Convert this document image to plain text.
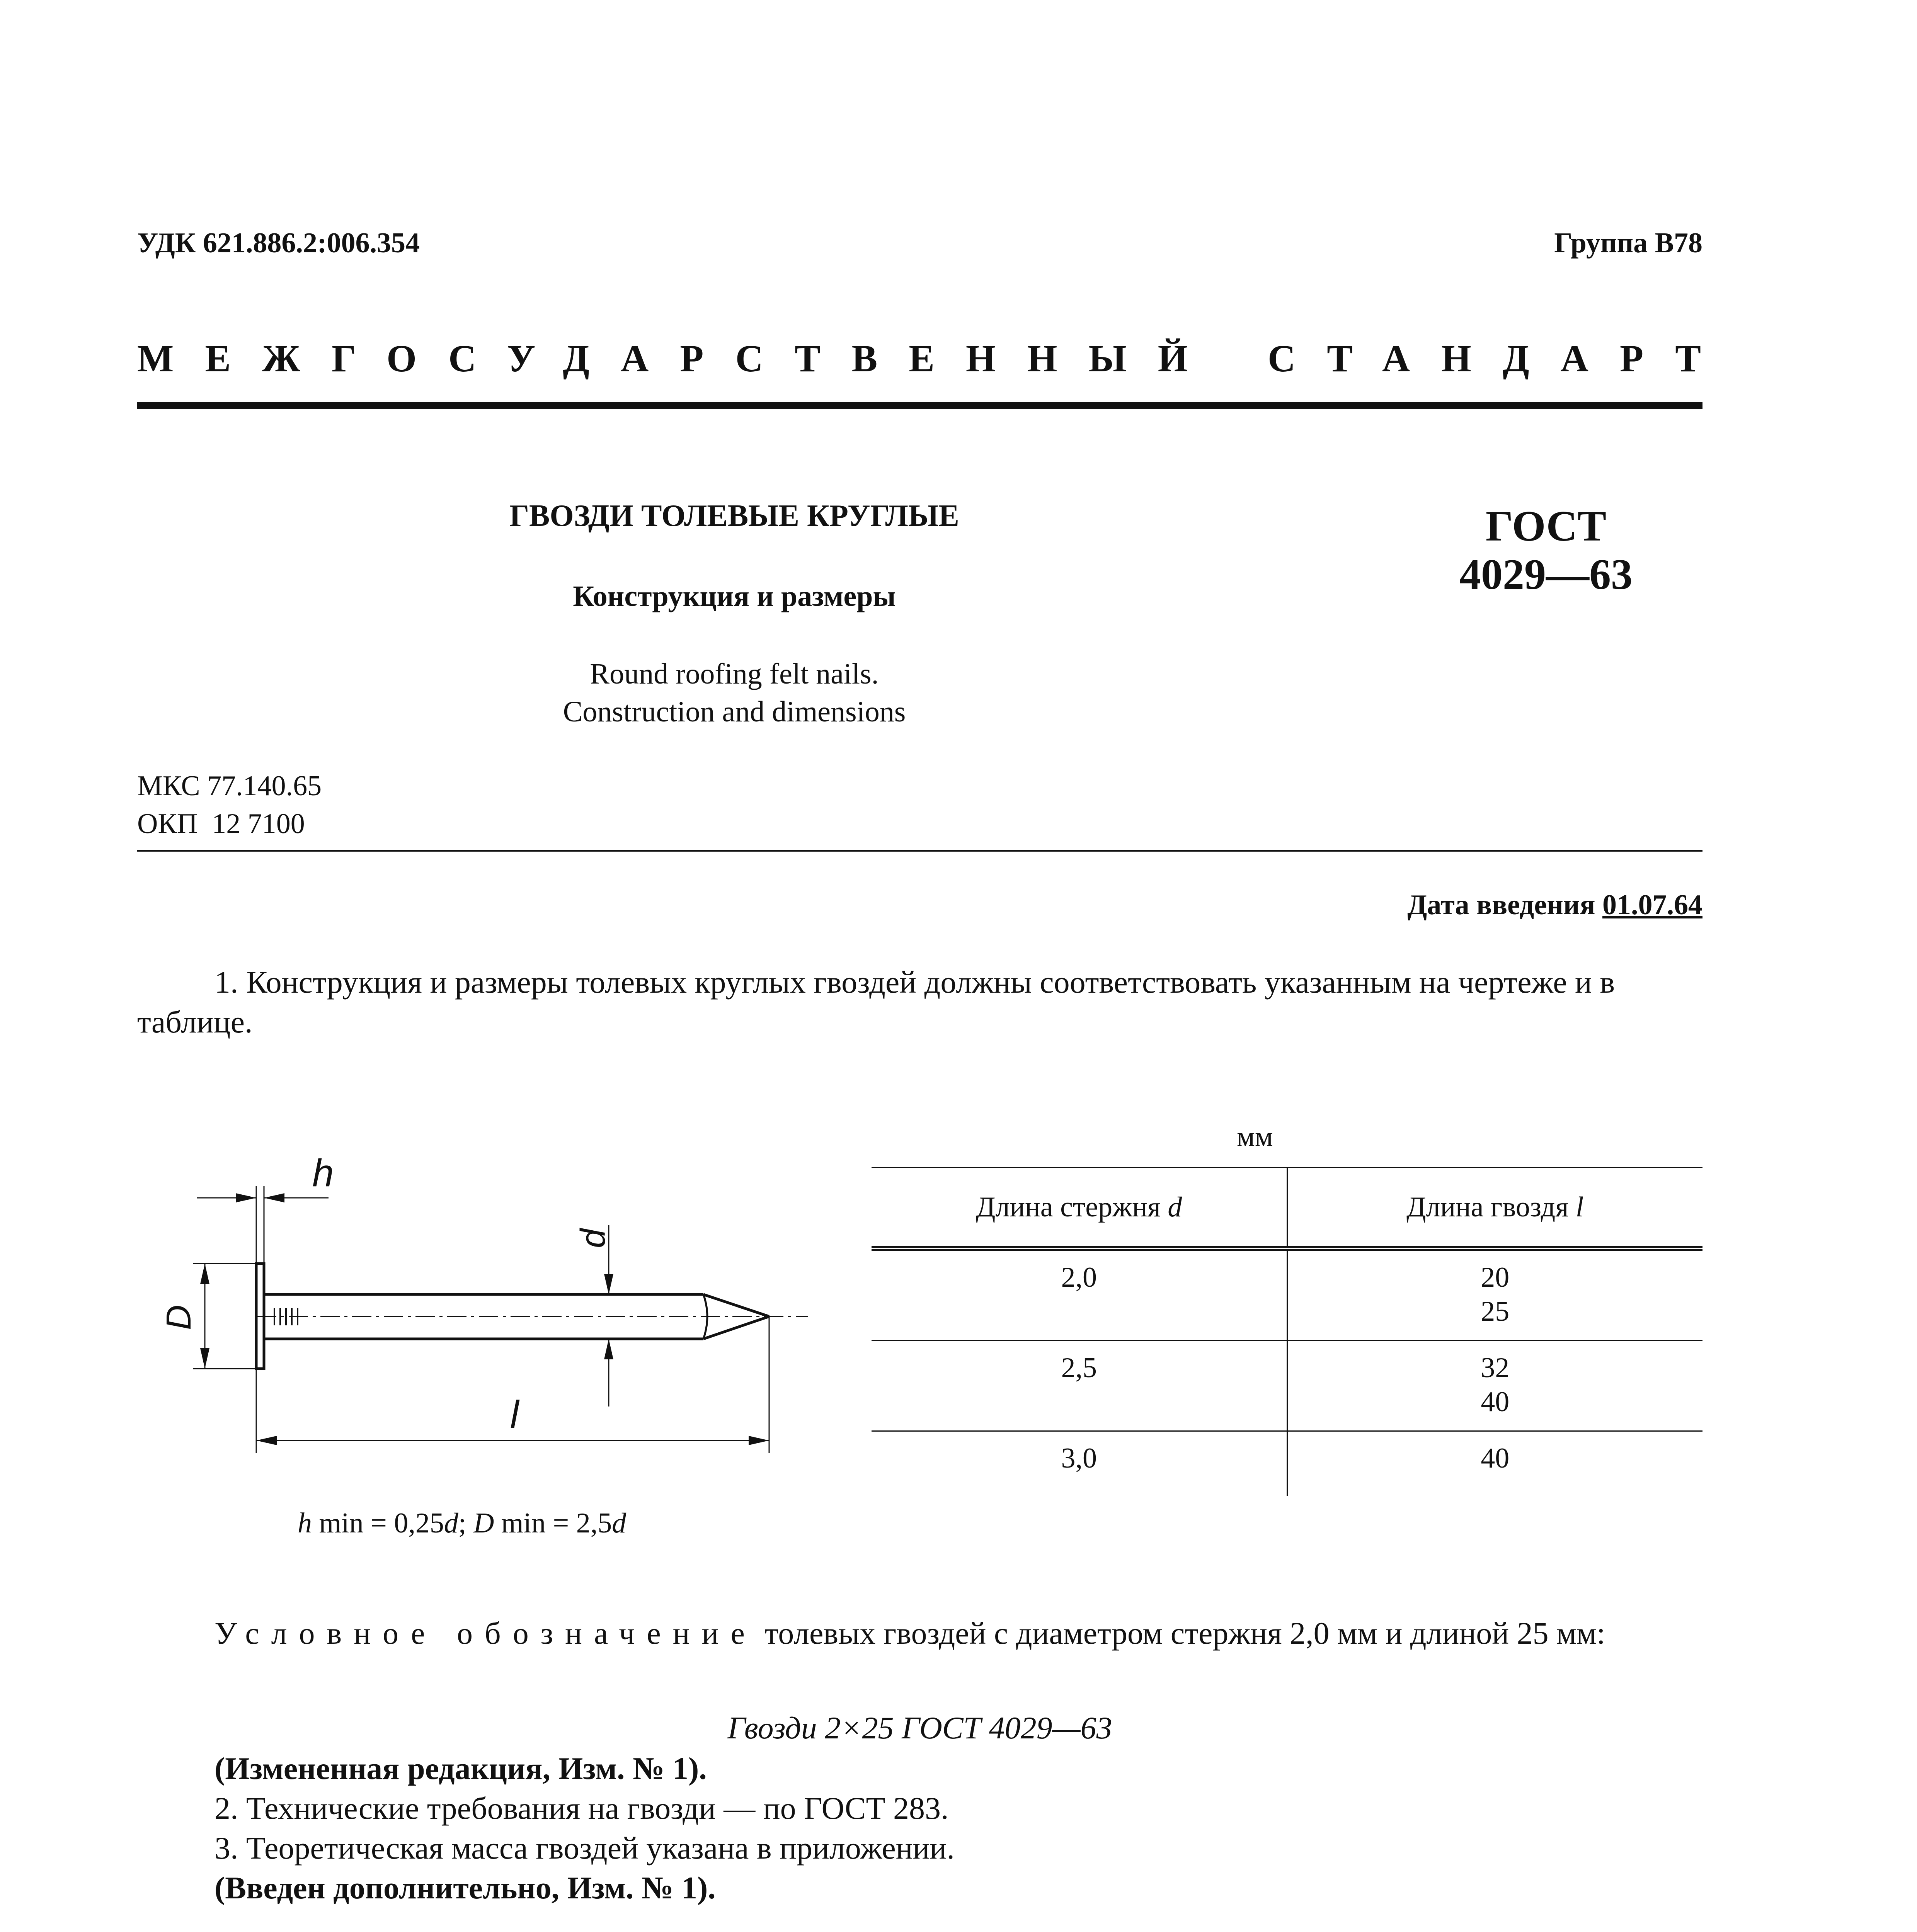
УДК 621.886.2:006.354	Группа В78
МЕЖГОСУДАРСТВЕННЫЙ СТАНДАРТ
ГВОЗДИ ТОЛЕВЫЕ КРУГЛЫЕ
Конструкция и размеры
Round roofing felt nails.
Construction and dimensions
ГОСТ
4029—63
МКС 77.140.65
ОКП  12 7100
Дата введения 01.07.64
1. Конструкция и размеры толевых круглых гвоздей должны соответствовать указанным на чертеже и в таблице.
h
d
D
l
h min = 0,25d; D min = 2,5d
мм
Длина стержня d	Длина гвоздя l
2,0	20
25

2,5	32
40

3,0	40
Условное обозначение толевых гвоздей с диаметром стержня 2,0 мм и длиной 25 мм:
Гвозди 2×25 ГОСТ 4029—63
(Измененная редакция, Изм. № 1).
2. Технические требования на гвозди — по ГОСТ 283.
3. Теоретическая масса гвоздей указана в приложении.
(Введен дополнительно, Изм. № 1).
